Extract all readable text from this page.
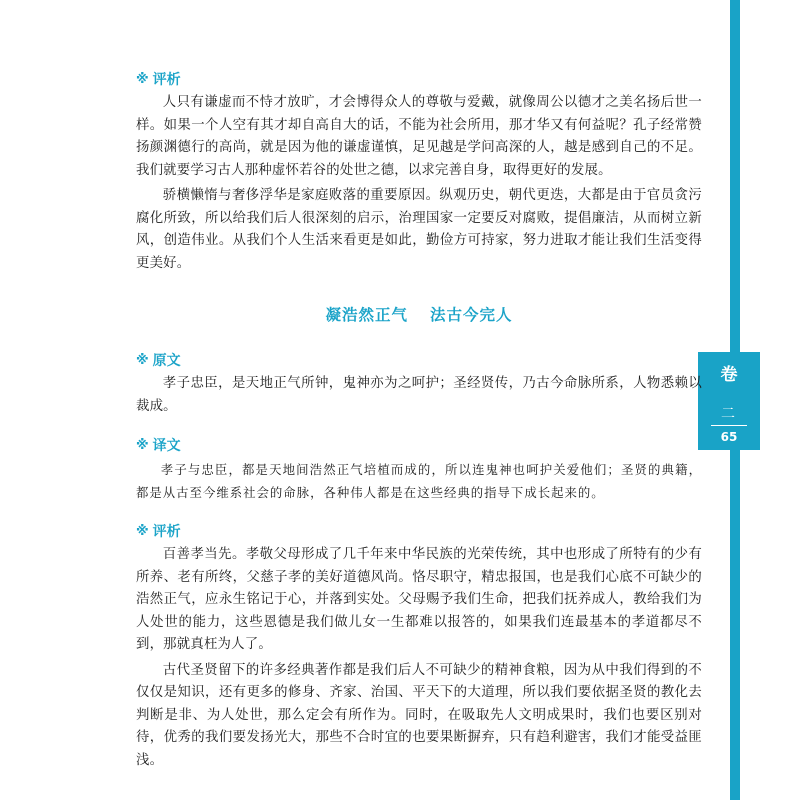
卷
二
65
※ 评析

人只有谦虚而不恃才放旷，才会博得众人的尊敬与爱戴，就像周公以德才之美名扬后世一样。如果一个人空有其才却自高自大的话，不能为社会所用，那才华又有何益呢？孔子经常赞扬颜渊德行的高尚，就是因为他的谦虚谨慎，足见越是学问高深的人，越是感到自己的不足。我们就要学习古人那种虚怀若谷的处世之德，以求完善自身，取得更好的发展。

骄横懒惰与奢侈浮华是家庭败落的重要原因。纵观历史，朝代更迭，大都是由于官员贪污腐化所致，所以给我们后人很深刻的启示，治理国家一定要反对腐败，提倡廉洁，从而树立新风，创造伟业。从我们个人生活来看更是如此，勤俭方可持家，努力进取才能让我们生活变得更美好。

凝浩然正气 法古今完人
※ 原文

孝子忠臣，是天地正气所钟，鬼神亦为之呵护；圣经贤传，乃古今命脉所系，人物悉赖以裁成。

※ 译文

孝子与忠臣，都是天地间浩然正气培植而成的，所以连鬼神也呵护关爱他们；圣贤的典籍，都是从古至今维系社会的命脉，各种伟人都是在这些经典的指导下成长起来的。

※ 评析

百善孝当先。孝敬父母形成了几千年来中华民族的光荣传统，其中也形成了所特有的少有所养、老有所终，父慈子孝的美好道德风尚。恪尽职守，精忠报国，也是我们心底不可缺少的浩然正气，应永生铭记于心，并落到实处。父母赐予我们生命，把我们抚养成人，教给我们为人处世的能力，这些恩德是我们做儿女一生都难以报答的，如果我们连最基本的孝道都尽不到，那就真枉为人了。

古代圣贤留下的许多经典著作都是我们后人不可缺少的精神食粮，因为从中我们得到的不仅仅是知识，还有更多的修身、齐家、治国、平天下的大道理，所以我们要依据圣贤的教化去判断是非、为人处世，那么定会有所作为。同时，在吸取先人文明成果时，我们也要区别对待，优秀的我们要发扬光大，那些不合时宜的也要果断摒弃，只有趋利避害，我们才能受益匪浅。
